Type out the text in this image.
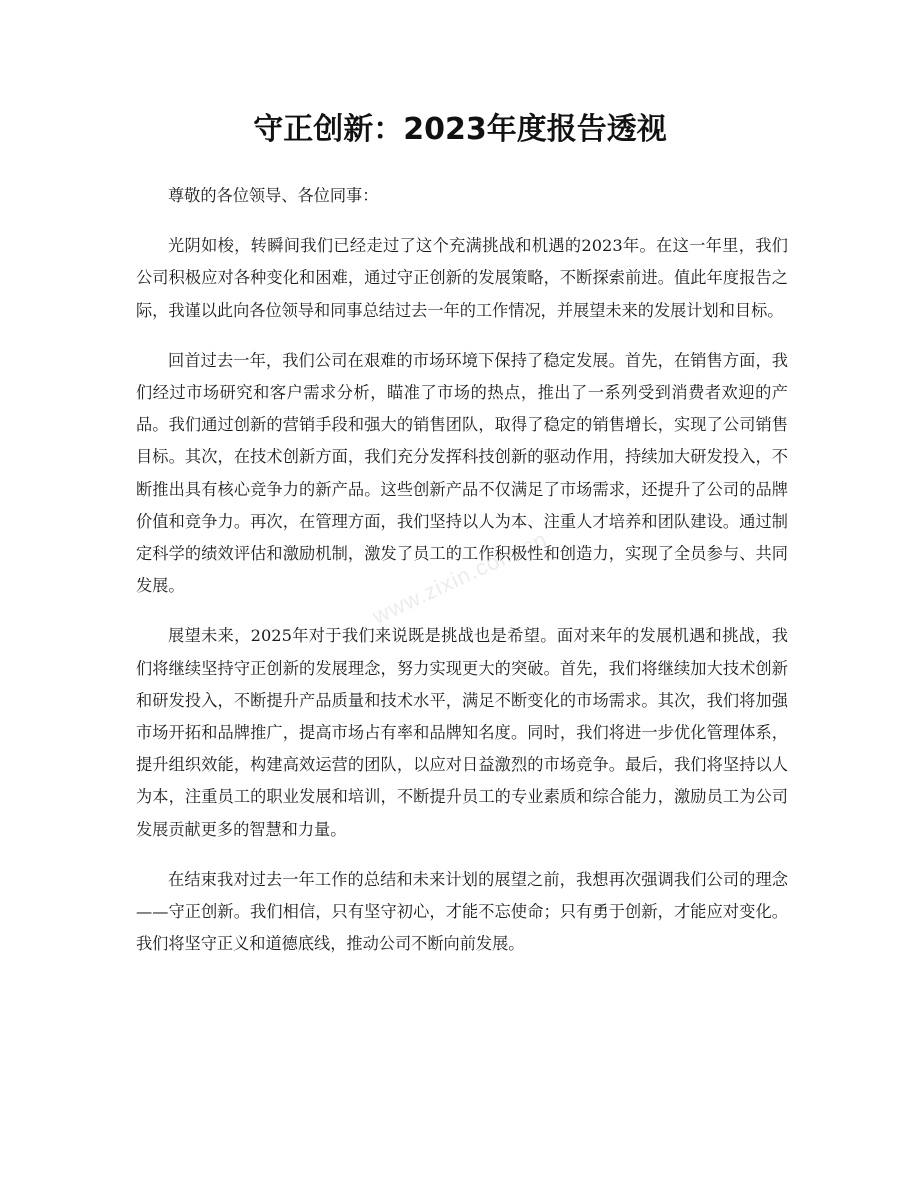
守正创新：2023年度报告透视
www.zixin.com.cn

尊敬的各位领导、各位同事：

光阴如梭，转瞬间我们已经走过了这个充满挑战和机遇的2023年。在这一年里，我们公司积极应对各种变化和困难，通过守正创新的发展策略，不断探索前进。值此年度报告之际，我谨以此向各位领导和同事总结过去一年的工作情况，并展望未来的发展计划和目标。

回首过去一年，我们公司在艰难的市场环境下保持了稳定发展。首先，在销售方面，我们经过市场研究和客户需求分析，瞄准了市场的热点，推出了一系列受到消费者欢迎的产品。我们通过创新的营销手段和强大的销售团队，取得了稳定的销售增长，实现了公司销售目标。其次，在技术创新方面，我们充分发挥科技创新的驱动作用，持续加大研发投入，不断推出具有核心竞争力的新产品。这些创新产品不仅满足了市场需求，还提升了公司的品牌价值和竞争力。再次，在管理方面，我们坚持以人为本、注重人才培养和团队建设。通过制定科学的绩效评估和激励机制，激发了员工的工作积极性和创造力，实现了全员参与、共同发展。

展望未来，2025年对于我们来说既是挑战也是希望。面对来年的发展机遇和挑战，我们将继续坚持守正创新的发展理念，努力实现更大的突破。首先，我们将继续加大技术创新和研发投入，不断提升产品质量和技术水平，满足不断变化的市场需求。其次，我们将加强市场开拓和品牌推广，提高市场占有率和品牌知名度。同时，我们将进一步优化管理体系，提升组织效能，构建高效运营的团队，以应对日益激烈的市场竞争。最后，我们将坚持以人为本，注重员工的职业发展和培训，不断提升员工的专业素质和综合能力，激励员工为公司发展贡献更多的智慧和力量。

在结束我对过去一年工作的总结和未来计划的展望之前，我想再次强调我们公司的理念——守正创新。我们相信，只有坚守初心，才能不忘使命；只有勇于创新，才能应对变化。我们将坚守正义和道德底线，推动公司不断向前发展。
